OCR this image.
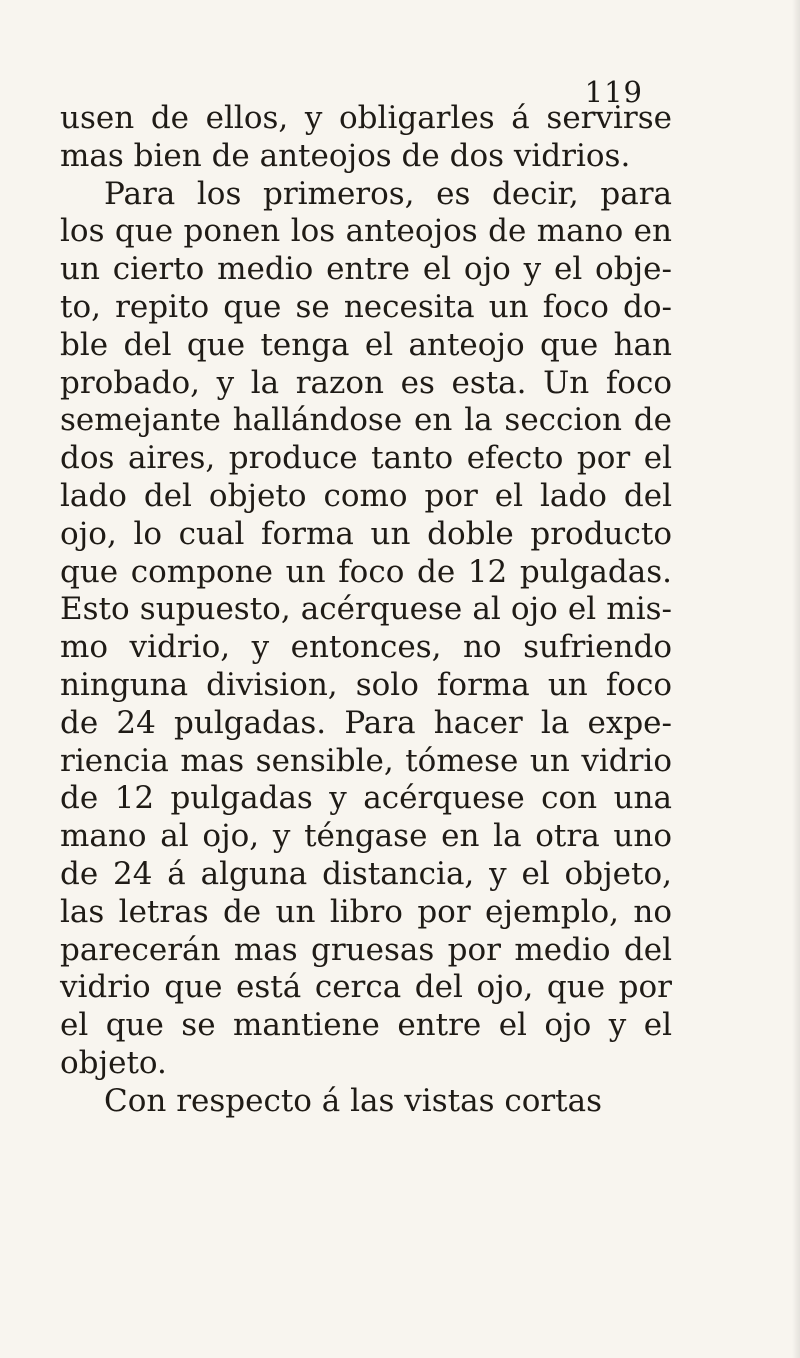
119
usen de ellos, y obligarles á servirse
mas bien de anteojos de dos vidrios.
Para los primeros, es decir, para
los que ponen los anteojos de mano en
un cierto medio entre el ojo y el obje-
to, repito que se necesita un foco do-
ble del que tenga el anteojo que han
probado, y la razon es esta. Un foco
semejante hallándose en la seccion de
dos aires, produce tanto efecto por el
lado del objeto como por el lado del
ojo, lo cual forma un doble producto
que compone un foco de 12 pulgadas.
Esto supuesto, acérquese al ojo el mis-
mo vidrio, y entonces, no sufriendo
ninguna division, solo forma un foco
de 24 pulgadas. Para hacer la expe-
riencia mas sensible, tómese un vidrio
de 12 pulgadas y acérquese con una
mano al ojo, y téngase en la otra uno
de 24 á alguna distancia, y el objeto,
las letras de un libro por ejemplo, no
parecerán mas gruesas por medio del
vidrio que está cerca del ojo, que por
el que se mantiene entre el ojo y el
objeto.
Con respecto á las vistas cortas
